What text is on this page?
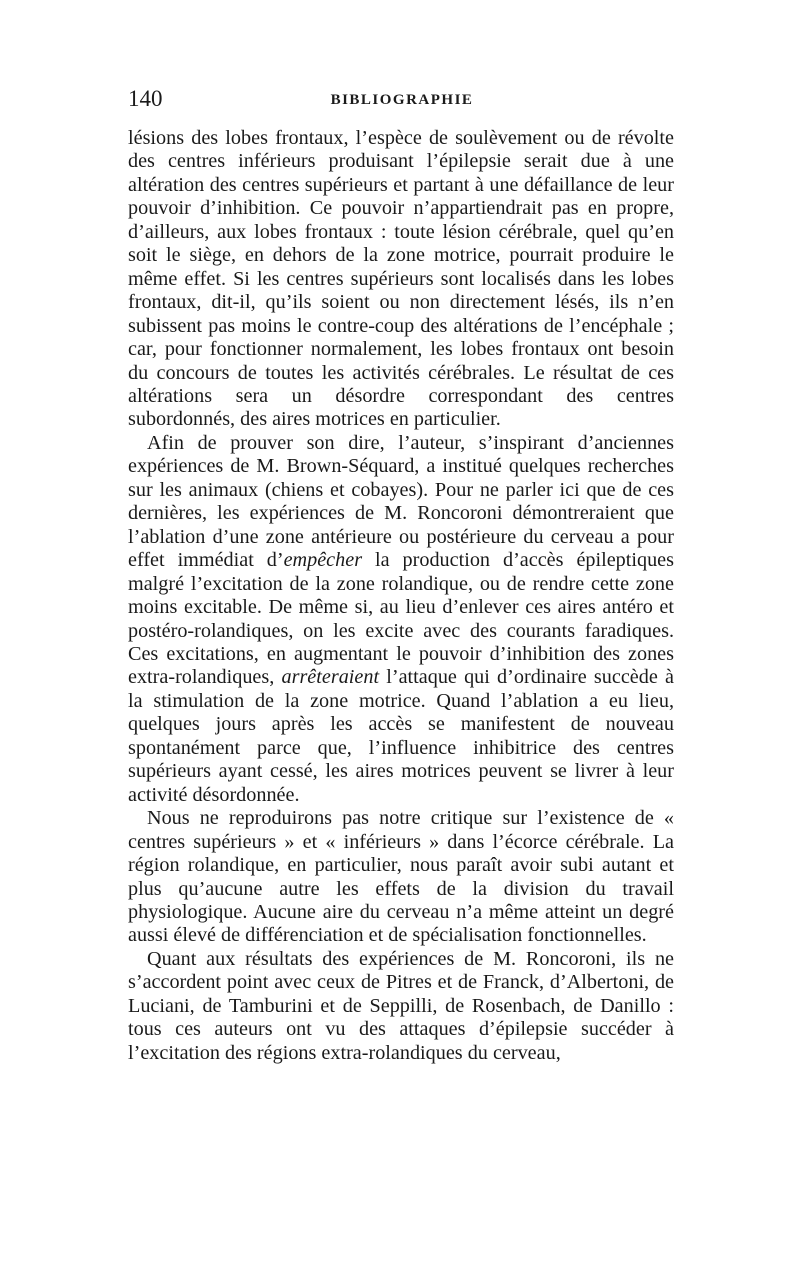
140	BIBLIOGRAPHIE

lésions des lobes frontaux, l’espèce de soulèvement ou de révolte des centres inférieurs produisant l’épilepsie serait due à une altération des centres supérieurs et partant à une défaillance de leur pouvoir d’inhibition. Ce pouvoir n’appartiendrait pas en propre, d’ailleurs, aux lobes frontaux : toute lésion cérébrale, quel qu’en soit le siège, en dehors de la zone motrice, pourrait produire le même effet. Si les centres supérieurs sont localisés dans les lobes frontaux, dit-il, qu’ils soient ou non directement lésés, ils n’en subissent pas moins le contre-coup des altérations de l’encéphale ; car, pour fonctionner normalement, les lobes frontaux ont besoin du concours de toutes les activités cérébrales. Le résultat de ces altérations sera un désordre correspondant des centres subordonnés, des aires motrices en particulier.

Afin de prouver son dire, l’auteur, s’inspirant d’anciennes expériences de M. Brown-Séquard, a institué quelques recherches sur les animaux (chiens et cobayes). Pour ne parler ici que de ces dernières, les expériences de M. Roncoroni démontreraient que l’ablation d’une zone antérieure ou postérieure du cerveau a pour effet immédiat d’empêcher la production d’accès épileptiques malgré l’excitation de la zone rolandique, ou de rendre cette zone moins excitable. De même si, au lieu d’enlever ces aires antéro et postéro-rolandiques, on les excite avec des courants faradiques. Ces excitations, en augmentant le pouvoir d’inhibition des zones extra-rolandiques, arrêteraient l’attaque qui d’ordinaire succède à la stimulation de la zone motrice. Quand l’ablation a eu lieu, quelques jours après les accès se manifestent de nouveau spontanément parce que, l’influence inhibitrice des centres supérieurs ayant cessé, les aires motrices peuvent se livrer à leur activité désordonnée.

Nous ne reproduirons pas notre critique sur l’existence de « centres supérieurs » et « inférieurs » dans l’écorce cérébrale. La région rolandique, en particulier, nous paraît avoir subi autant et plus qu’aucune autre les effets de la division du travail physiologique. Aucune aire du cerveau n’a même atteint un degré aussi élevé de différenciation et de spécialisation fonctionnelles.

Quant aux résultats des expériences de M. Roncoroni, ils ne s’accordent point avec ceux de Pitres et de Franck, d’Albertoni, de Luciani, de Tamburini et de Seppilli, de Rosenbach, de Danillo : tous ces auteurs ont vu des attaques d’épilepsie succéder à l’excitation des régions extra-rolandiques du cerveau,
